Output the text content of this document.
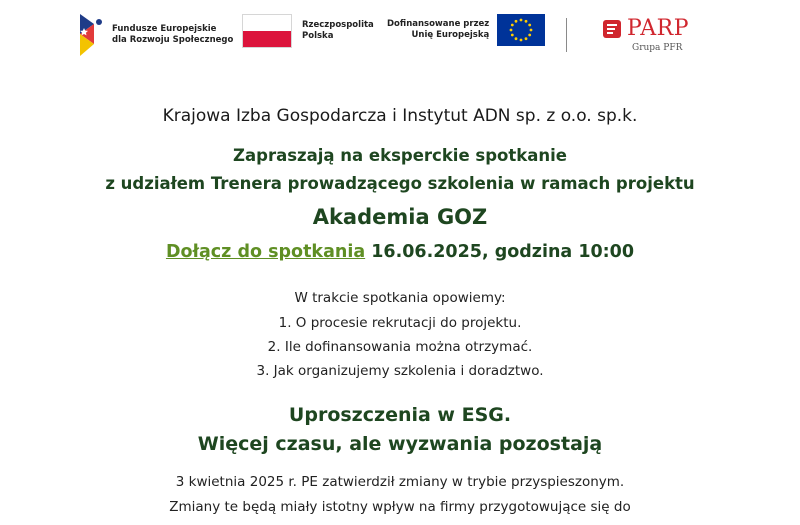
Fundusze Europejskie
dla Rozwoju Społecznego
Rzeczpospolita
Polska
Dofinansowane przez
Unię Europejską	PARP
Grupa PFR
Krajowa Izba Gospodarcza i Instytut ADN sp. z o.o. sp.k.
Zapraszają na eksperckie spotkanie
z udziałem Trenera prowadzącego szkolenia w ramach projektu
Akademia GOZ
Dołącz do spotkania 16.06.2025, godzina 10:00
W trakcie spotkania opowiemy:
1. O procesie rekrutacji do projektu.
2. Ile dofinansowania można otrzymać.
3. Jak organizujemy szkolenia i doradztwo.
Uproszczenia w ESG.
Więcej czasu, ale wyzwania pozostają
3 kwietnia 2025 r. PE zatwierdził zmiany w trybie przyspieszonym.
Zmiany te będą miały istotny wpływ na firmy przygotowujące się do
